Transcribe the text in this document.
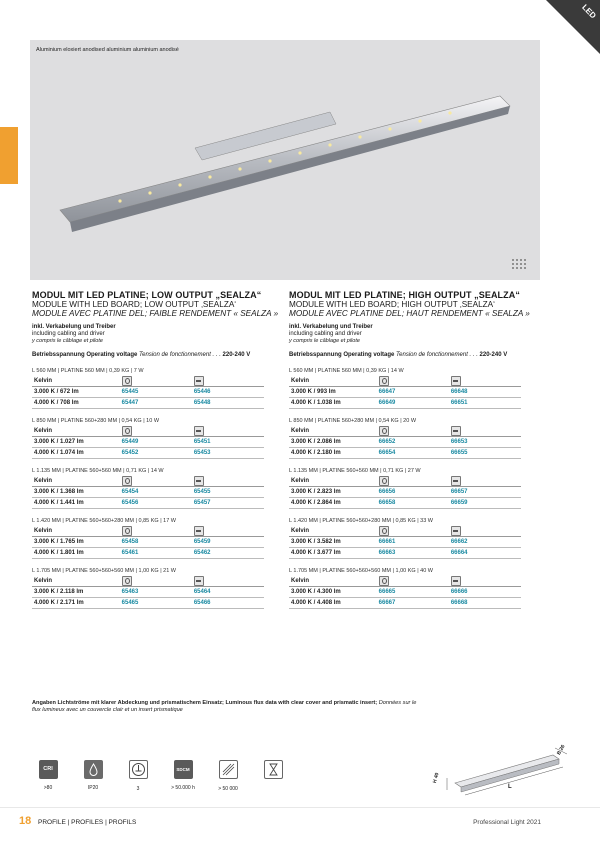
Aluminium eloxiert anodised aluminium aluminium anodisé
LED
MODUL MIT LED PLATINE; LOW OUTPUT „SEALZA“
MODULE WITH LED BOARD; LOW OUTPUT ‚SEALZA‘
MODULE AVEC PLATINE DEL; FAIBLE RENDEMENT « SEALZA »
inkl. Verkabelung und Treiber
including cabling and driver
y compris le câblage et pilote
Betriebsspannung Operating voltage Tension de fonctionnement . . . 220-240 V
L 560 MM | PLATINE 560 MM | 0,39 KG | 7 W
Kelvin		
3.000 K / 672 lm	65445	65446
4.000 K / 708 lm	65447	65448
L 850 MM | PLATINE 560+280 MM | 0,54 KG | 10 W
Kelvin		
3.000 K / 1.027 lm	65449	65451
4.000 K / 1.074 lm	65452	65453
L 1.135 MM | PLATINE 560+560 MM | 0,71 KG | 14 W
Kelvin		
3.000 K / 1.368 lm	65454	65455
4.000 K / 1.441 lm	65456	65457
L 1.420 MM | PLATINE 560+560+280 MM | 0,85 KG | 17 W
Kelvin		
3.000 K / 1.765 lm	65458	65459
4.000 K / 1.801 lm	65461	65462
L 1.705 MM | PLATINE 560+560+560 MM | 1,00 KG | 21 W
Kelvin		
3.000 K / 2.118 lm	65463	65464
4.000 K / 2.171 lm	65465	65466
MODUL MIT LED PLATINE; HIGH OUTPUT „SEALZA“
MODULE WITH LED BOARD; HIGH OUTPUT ‚SEALZA‘
MODULE AVEC PLATINE DEL; HAUT RENDEMENT « SEALZA »
inkl. Verkabelung und Treiber
including cabling and driver
y compris le câblage et pilote
Betriebsspannung Operating voltage Tension de fonctionnement . . . 220-240 V
L 560 MM | PLATINE 560 MM | 0,39 KG | 14 W
Kelvin		
3.000 K / 993 lm	66647	66648
4.000 K / 1.038 lm	66649	66651
L 850 MM | PLATINE 560+280 MM | 0,54 KG | 20 W
Kelvin		
3.000 K / 2.086 lm	66652	66653
4.000 K / 2.180 lm	66654	66655
L 1.135 MM | PLATINE 560+560 MM | 0,71 KG | 27 W
Kelvin		
3.000 K / 2.823 lm	66656	66657
4.000 K / 2.864 lm	66658	66659
L 1.420 MM | PLATINE 560+560+280 MM | 0,85 KG | 33 W
Kelvin		
3.000 K / 3.582 lm	66661	66662
4.000 K / 3.677 lm	66663	66664
L 1.705 MM | PLATINE 560+560+560 MM | 1,00 KG | 40 W
Kelvin		
3.000 K / 4.300 lm	66665	66666
4.000 K / 4.408 lm	66667	66668
Angaben Lichtströme mit klarer Abdeckung und prismatischem Einsatz; Luminous flux data with clear cover and prismatic insert; Données sur le flux lumineux avec un couvercle clair et un insert prismatique
CRI
>80	IP20	3
SDCM
> 50.000 h	> 50 000
B 26
H 40
L
18 PROFILE | PROFILES | PROFILS	Professional Light 2021
